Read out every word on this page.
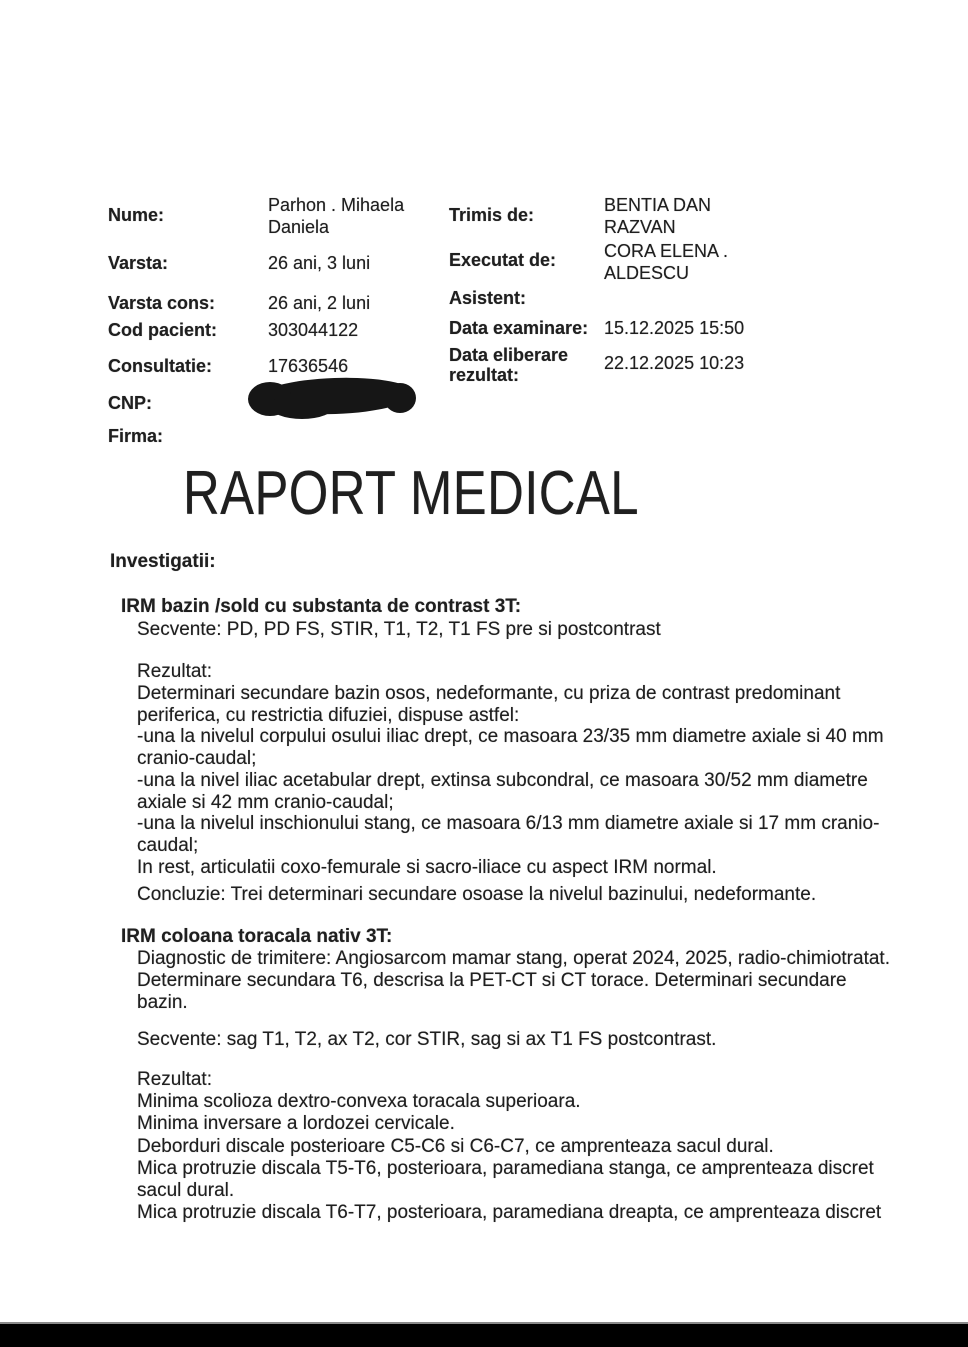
Nume:	Parhon . Mihaela
Daniela
Varsta:	26 ani, 3 luni
Varsta cons:	26 ani, 2 luni
Cod pacient:	303044122
Consultatie:	17636546
CNP:
Firma:
Trimis de:	BENTIA DAN
RAZVAN
Executat de:	CORA ELENA .
ALDESCU
Asistent:
Data examinare: 15.12.2025 15:50
Data eliberare
rezultat:
22.12.2025 10:23
RAPORT MEDICAL
Investigatii:
IRM bazin /sold cu substanta de contrast 3T:
Secvente: PD, PD FS, STIR, T1, T2, T1 FS pre si postcontrast
Rezultat:
Determinari secundare bazin osos, nedeformante, cu priza de contrast predominant
periferica, cu restrictia difuziei, dispuse astfel:
-una la nivelul corpului osului iliac drept, ce masoara 23/35 mm diametre axiale si 40 mm
cranio-caudal;
-una la nivel iliac acetabular drept, extinsa subcondral, ce masoara 30/52 mm diametre
axiale si 42 mm cranio-caudal;
-una la nivelul inschionului stang, ce masoara 6/13 mm diametre axiale si 17 mm cranio-
caudal;
In rest, articulatii coxo-femurale si sacro-iliace cu aspect IRM normal.
Concluzie: Trei determinari secundare osoase la nivelul bazinului, nedeformante.
IRM coloana toracala nativ 3T:
Diagnostic de trimitere: Angiosarcom mamar stang, operat 2024, 2025, radio-chimiotratat.
Determinare secundara T6, descrisa la PET-CT si CT torace. Determinari secundare
bazin.
Secvente: sag T1, T2, ax T2, cor STIR, sag si ax T1 FS postcontrast.
Rezultat:
Minima scolioza dextro-convexa toracala superioara.
Minima inversare a lordozei cervicale.
Deborduri discale posterioare C5-C6 si C6-C7, ce amprenteaza sacul dural.
Mica protruzie discala T5-T6, posterioara, paramediana stanga, ce amprenteaza discret
sacul dural.
Mica protruzie discala T6-T7, posterioara, paramediana dreapta, ce amprenteaza discret
